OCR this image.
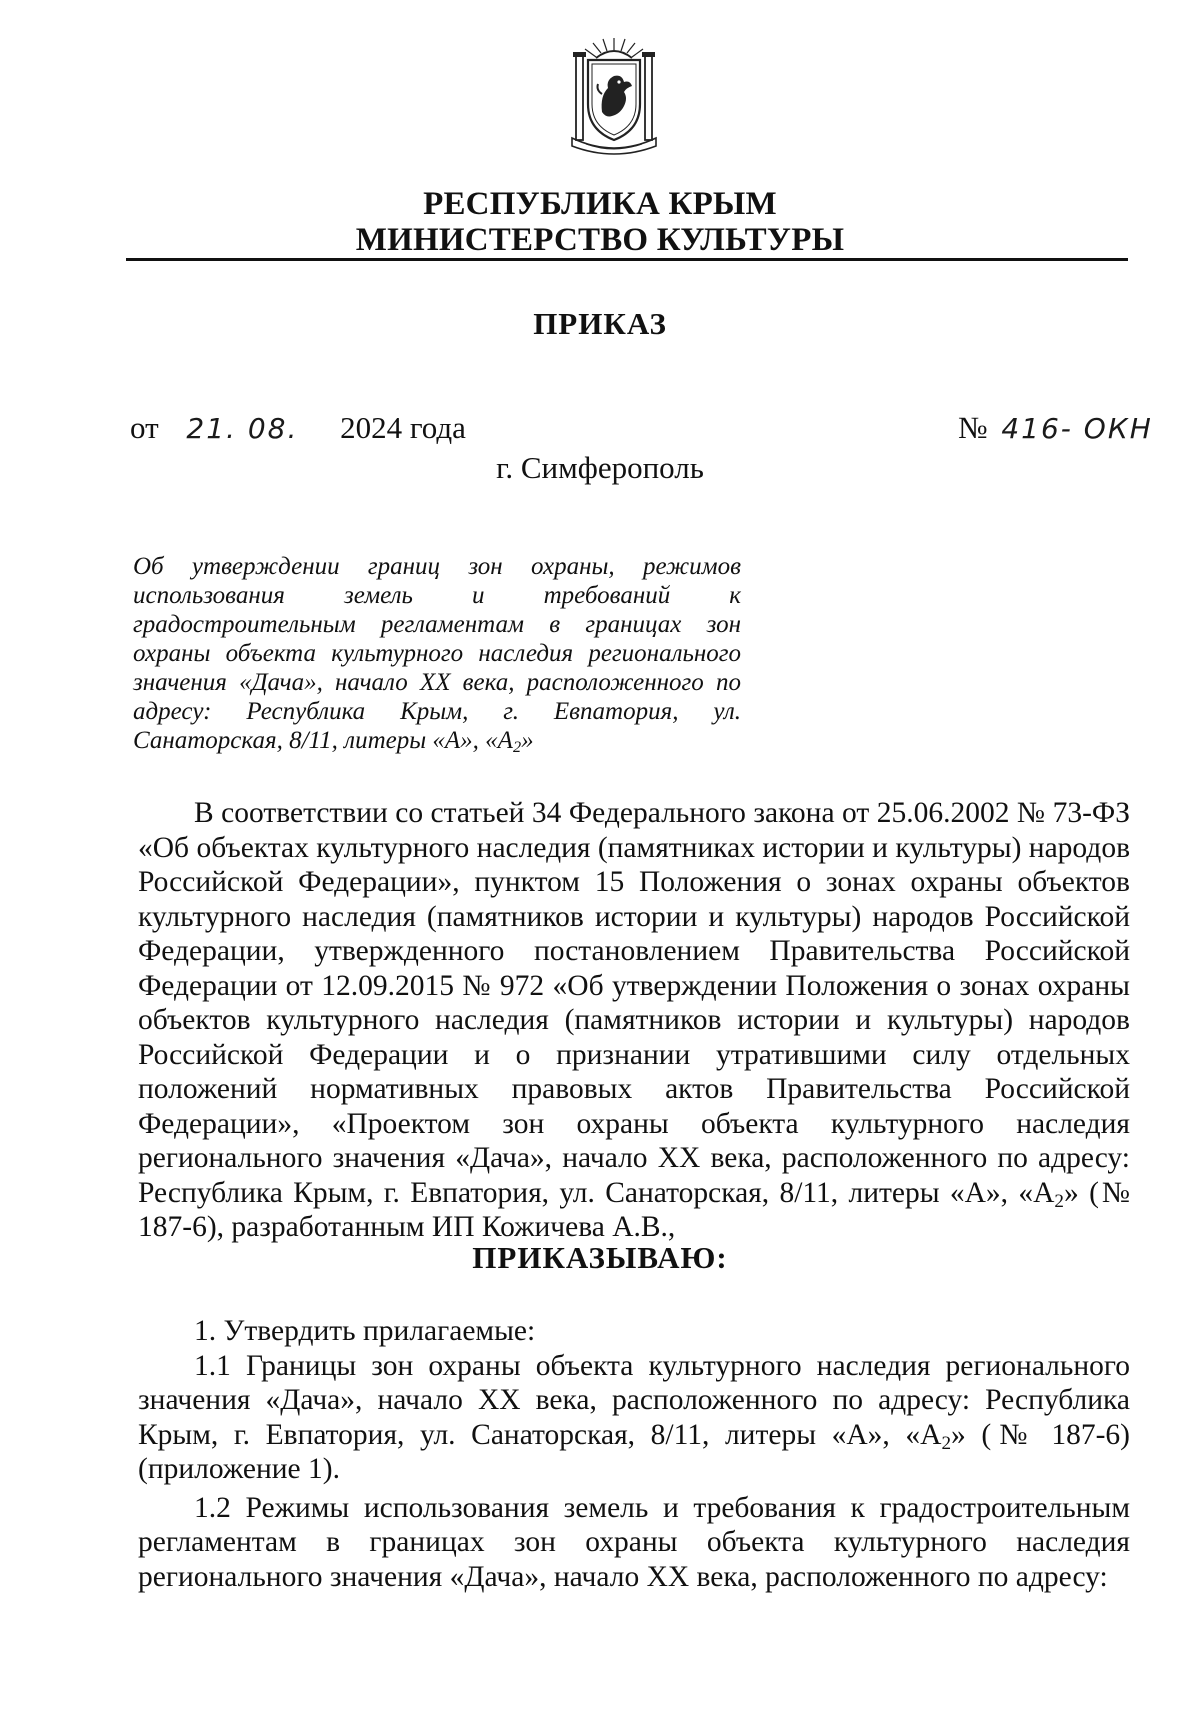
РЕСПУБЛИКА КРЫМ
МИНИСТЕРСТВО КУЛЬТУРЫ
ПРИКАЗ
от 21. 08. 2024 года	№ 416- ОКН
г. Симферополь
Об утверждении границ зон охраны, режимов использования земель и требований к градостроительным регламентам в границах зон охраны объекта культурного наследия регионального значения «Дача», начало XX века, расположенного по адресу: Республика Крым, г. Евпатория, ул. Санаторская, 8/11, литеры «А», «$А_2$»
В соответствии со статьей 34 Федерального закона от 25.06.2002 № 73-ФЗ «Об объектах культурного наследия (памятниках истории и культуры) народов Российской Федерации», пунктом 15 Положения о зонах охраны объектов культурного наследия (памятников истории и культуры) народов Российской Федерации, утвержденного постановлением Правительства Российской Федерации от 12.09.2015 № 972 «Об утверждении Положения о зонах охраны объектов культурного наследия (памятников истории и культуры) народов Российской Федерации и о признании утратившими силу отдельных положений нормативных правовых актов Правительства Российской Федерации», «Проектом зон охраны объекта культурного наследия регионального значения «Дача», начало XX века, расположенного по адресу: Республика Крым, г. Евпатория, ул. Санаторская, 8/11, литеры «А», «$А_2$» (№ 187-6), разработанным ИП Кожичева А.В.,
ПРИКАЗЫВАЮ:

1. Утвердить прилагаемые:

1.1 Границы зон охраны объекта культурного наследия регионального значения «Дача», начало XX века, расположенного по адресу: Республика Крым, г. Евпатория, ул. Санаторская, 8/11, литеры «А», «$А_2$» (№ 187-6) (приложение 1).

1.2 Режимы использования земель и требования к градостроительным регламентам в границах зон охраны объекта культурного наследия регионального значения «Дача», начало XX века, расположенного по адресу:
